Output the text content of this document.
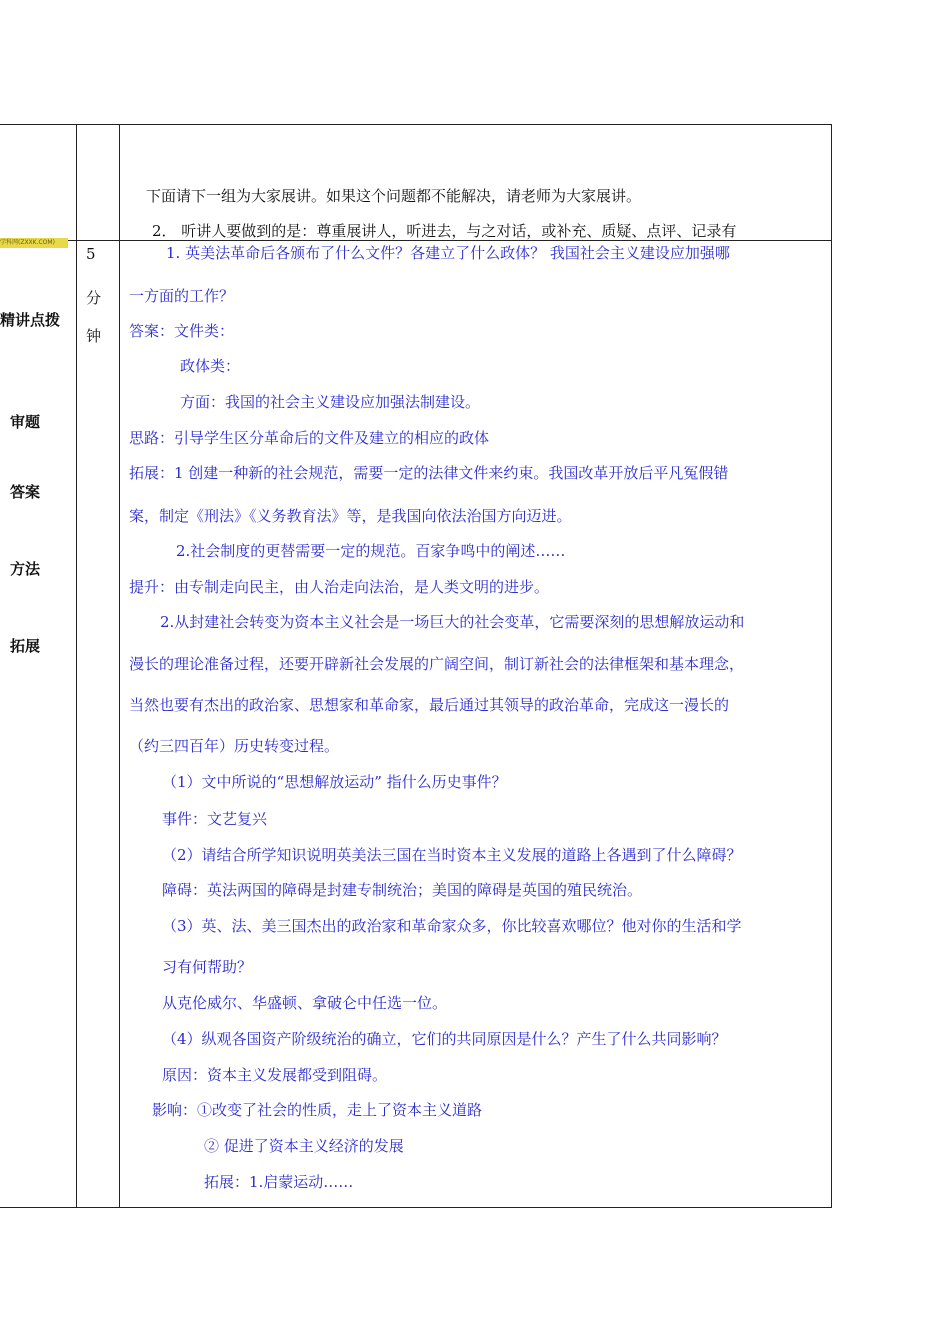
学科网(ZXXK.COM)
下面请下一组为大家展讲。如果这个问题都不能解决，请老师为大家展讲。
2． 听讲人要做到的是：尊重展讲人，听进去，与之对话，或补充、质疑、点评、记录有
精讲点拨
审题
答案
方法
拓展
5
分
钟
1. 英美法革命后各颁布了什么文件？各建立了什么政体？ 我国社会主义建设应加强哪
一方面的工作？
答案：文件类：
政体类：
方面：我国的社会主义建设应加强法制建设。
思路：引导学生区分革命后的文件及建立的相应的政体
拓展：1 创建一种新的社会规范，需要一定的法律文件来约束。我国改革开放后平凡冤假错
案，制定《刑法》《义务教育法》等，是我国向依法治国方向迈进。
2.社会制度的更替需要一定的规范。百家争鸣中的阐述……
提升：由专制走向民主，由人治走向法治，是人类文明的进步。
2.从封建社会转变为资本主义社会是一场巨大的社会变革，它需要深刻的思想解放运动和
漫长的理论准备过程，还要开辟新社会发展的广阔空间，制订新社会的法律框架和基本理念，
当然也要有杰出的政治家、思想家和革命家，最后通过其领导的政治革命，完成这一漫长的
（约三四百年）历史转变过程。
（1）文中所说的“思想解放运动” 指什么历史事件？
事件：文艺复兴
（2）请结合所学知识说明英美法三国在当时资本主义发展的道路上各遇到了什么障碍？
障碍：英法两国的障碍是封建专制统治；美国的障碍是英国的殖民统治。
（3）英、法、美三国杰出的政治家和革命家众多，你比较喜欢哪位？他对你的生活和学
习有何帮助？
从克伦威尔、华盛顿、拿破仑中任选一位。
（4）纵观各国资产阶级统治的确立，它们的共同原因是什么？产生了什么共同影响？
原因：资本主义发展都受到阻碍。
影响：①改变了社会的性质，走上了资本主义道路
② 促进了资本主义经济的发展
拓展：1.启蒙运动……
